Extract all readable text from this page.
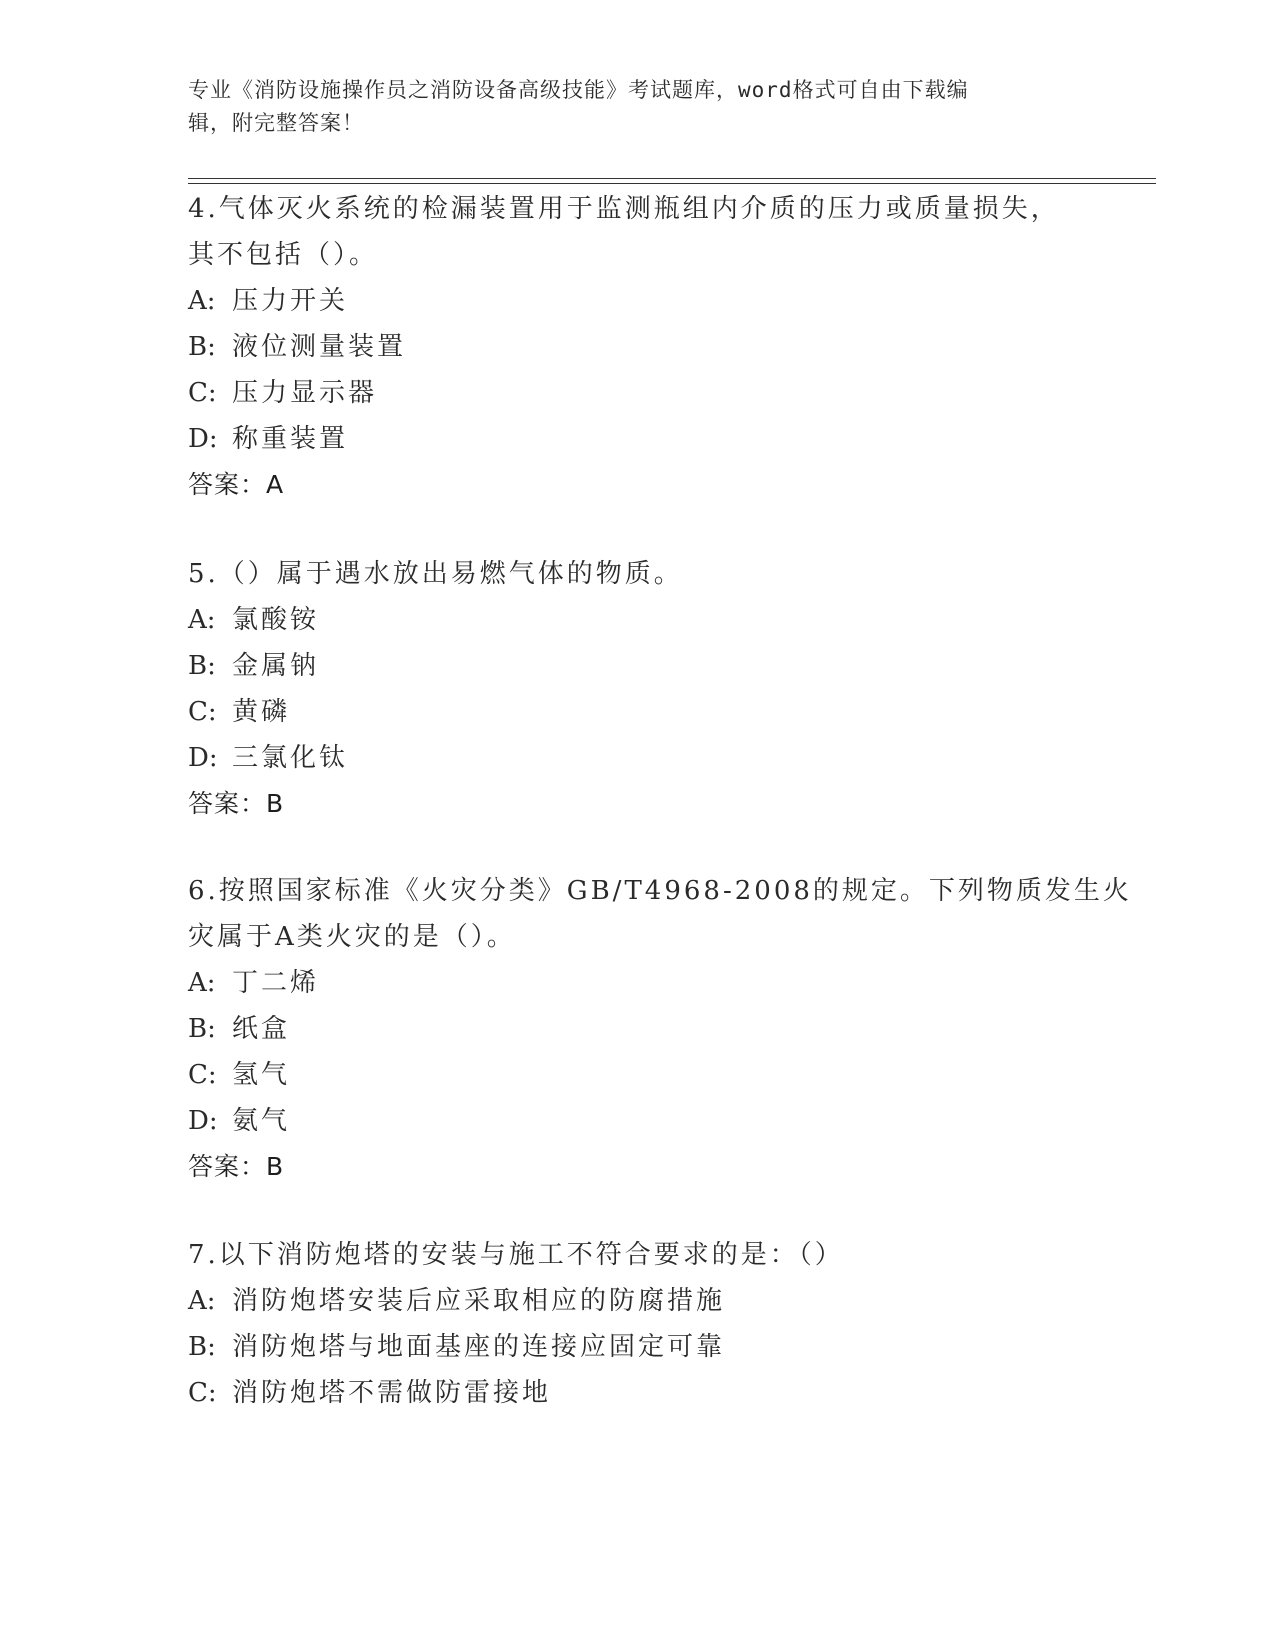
专业《消防设施操作员之消防设备高级技能》考试题库，word格式可自由下载编
辑，附完整答案！
4.气体灭火系统的检漏装置用于监测瓶组内介质的压力或质量损失，
其不包括（）。
A: 压力开关
B: 液位测量装置
C: 压力显示器
D: 称重装置
答案：A
5.（）属于遇水放出易燃气体的物质。
A: 氯酸铵
B: 金属钠
C: 黄磷
D: 三氯化钛
答案：B
6.按照国家标准《火灾分类》GB/T4968-2008的规定。下列物质发生火
灾属于A类火灾的是（）。
A: 丁二烯
B: 纸盒
C: 氢气
D: 氨气
答案：B
7.以下消防炮塔的安装与施工不符合要求的是：（）
A: 消防炮塔安装后应采取相应的防腐措施
B: 消防炮塔与地面基座的连接应固定可靠
C: 消防炮塔不需做防雷接地
